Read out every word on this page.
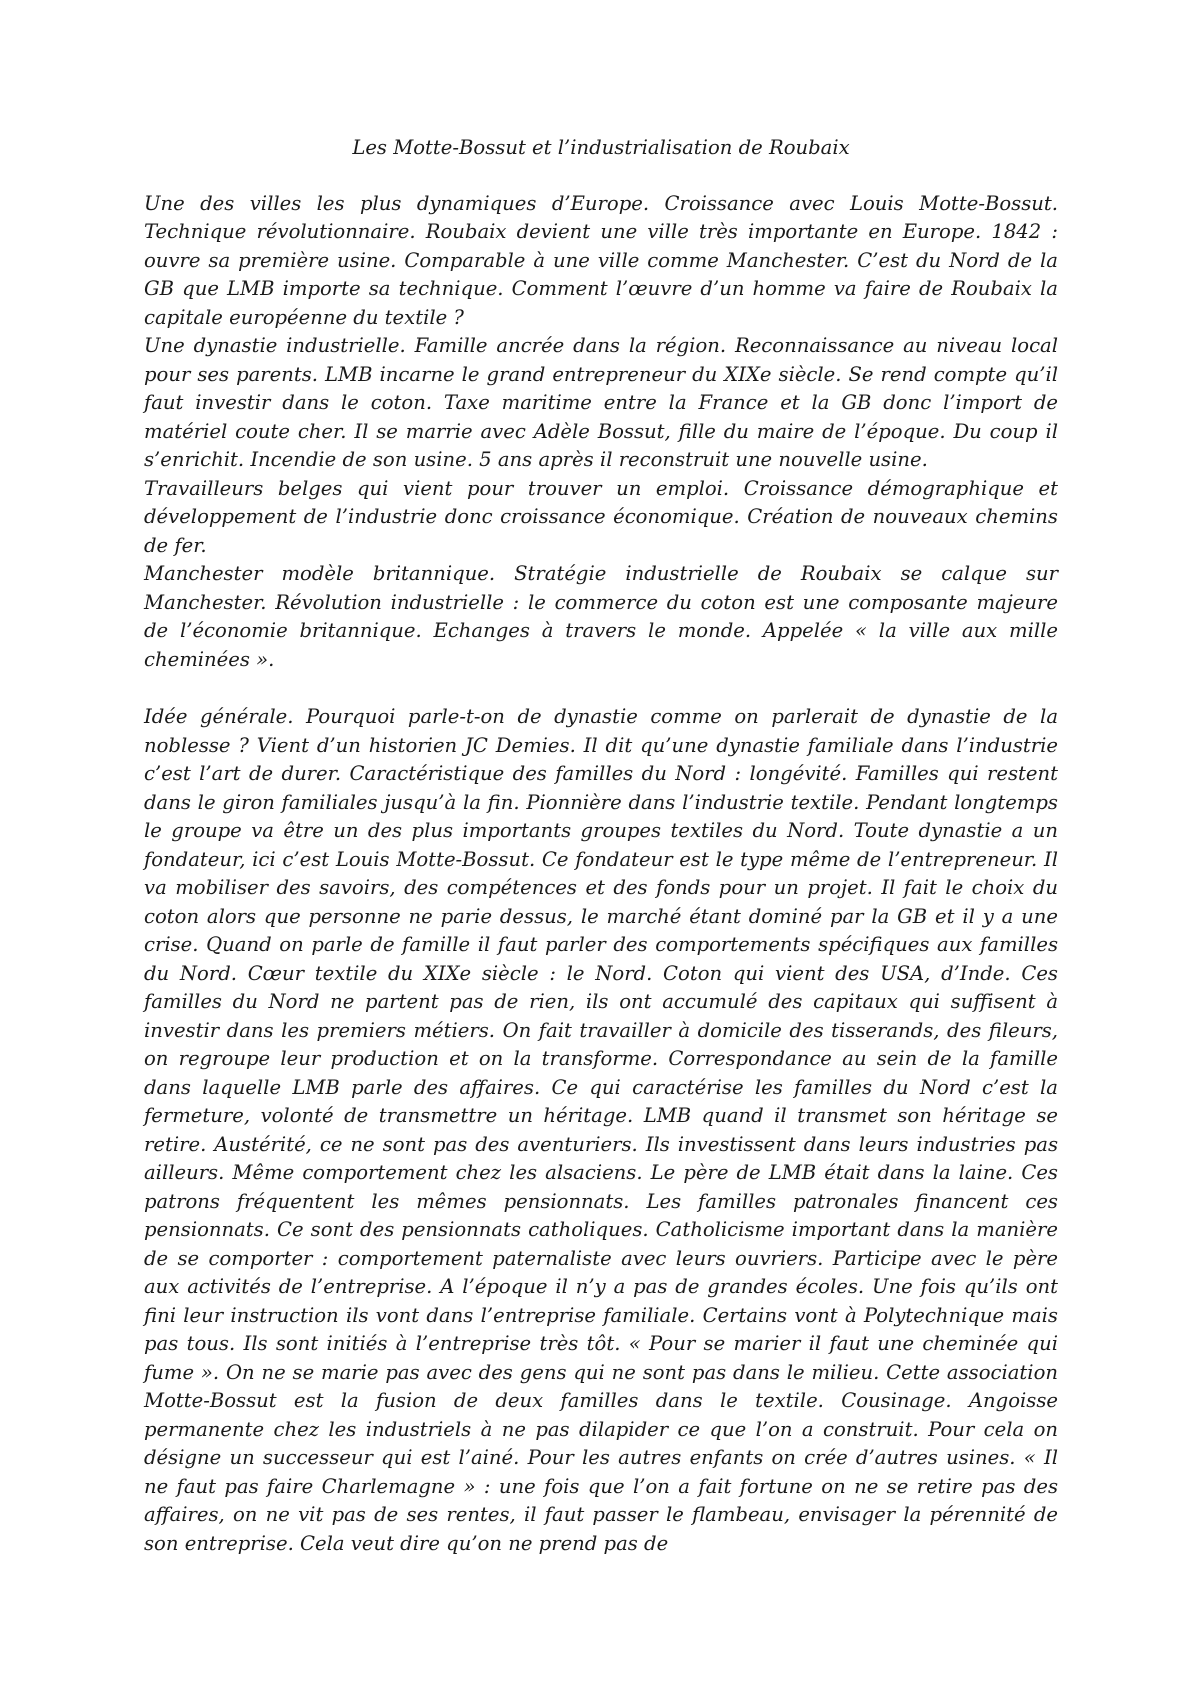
Les Motte-Bossut et l’industrialisation de Roubaix

Une des villes les plus dynamiques d’Europe. Croissance avec Louis Motte-Bossut. Technique révolutionnaire. Roubaix devient une ville très importante en Europe. 1842 : ouvre sa première usine. Comparable à une ville comme Manchester. C’est du Nord de la GB que LMB importe sa technique. Comment l’œuvre d’un homme va faire de Roubaix la capitale européenne du textile ?

Une dynastie industrielle. Famille ancrée dans la région. Reconnaissance au niveau local pour ses parents. LMB incarne le grand entrepreneur du XIXe siècle. Se rend compte qu’il faut investir dans le coton. Taxe maritime entre la France et la GB donc l’import de matériel coute cher. Il se marrie avec Adèle Bossut, fille du maire de l’époque. Du coup il s’enrichit. Incendie de son usine. 5 ans après il reconstruit une nouvelle usine.

Travailleurs belges qui vient pour trouver un emploi. Croissance démographique et développement de l’industrie donc croissance économique. Création de nouveaux chemins de fer.

Manchester modèle britannique. Stratégie industrielle de Roubaix se calque sur Manchester. Révolution industrielle : le commerce du coton est une composante majeure de l’économie britannique. Echanges à travers le monde. Appelée « la ville aux mille cheminées ».

Idée générale. Pourquoi parle-t-on de dynastie comme on parlerait de dynastie de la noblesse ? Vient d’un historien JC Demies. Il dit qu’une dynastie familiale dans l’industrie c’est l’art de durer. Caractéristique des familles du Nord : longévité. Familles qui restent dans le giron familiales jusqu’à la fin. Pionnière dans l’industrie textile. Pendant longtemps le groupe va être un des plus importants groupes textiles du Nord. Toute dynastie a un fondateur, ici c’est Louis Motte-Bossut. Ce fondateur est le type même de l’entrepreneur. Il va mobiliser des savoirs, des compétences et des fonds pour un projet. Il fait le choix du coton alors que personne ne parie dessus, le marché étant dominé par la GB et il y a une crise. Quand on parle de famille il faut parler des comportements spécifiques aux familles du Nord. Cœur textile du XIXe siècle : le Nord. Coton qui vient des USA, d’Inde. Ces familles du Nord ne partent pas de rien, ils ont accumulé des capitaux qui suffisent à investir dans les premiers métiers. On fait travailler à domicile des tisserands, des fileurs, on regroupe leur production et on la transforme. Correspondance au sein de la famille dans laquelle LMB parle des affaires. Ce qui caractérise les familles du Nord c’est la fermeture, volonté de transmettre un héritage. LMB quand il transmet son héritage se retire. Austérité, ce ne sont pas des aventuriers. Ils investissent dans leurs industries pas ailleurs. Même comportement chez les alsaciens. Le père de LMB était dans la laine. Ces patrons fréquentent les mêmes pensionnats. Les familles patronales financent ces pensionnats. Ce sont des pensionnats catholiques. Catholicisme important dans la manière de se comporter : comportement paternaliste avec leurs ouvriers. Participe avec le père aux activités de l’entreprise. A l’époque il n’y a pas de grandes écoles. Une fois qu’ils ont fini leur instruction ils vont dans l’entreprise familiale. Certains vont à Polytechnique mais pas tous. Ils sont initiés à l’entreprise très tôt. « Pour se marier il faut une cheminée qui fume ». On ne se marie pas avec des gens qui ne sont pas dans le milieu. Cette association Motte-Bossut est la fusion de deux familles dans le textile. Cousinage. Angoisse permanente chez les industriels à ne pas dilapider ce que l’on a construit. Pour cela on désigne un successeur qui est l’ainé. Pour les autres enfants on crée d’autres usines. « Il ne faut pas faire Charlemagne » : une fois que l’on a fait fortune on ne se retire pas des affaires, on ne vit pas de ses rentes, il faut passer le flambeau, envisager la pérennité de son entreprise. Cela veut dire qu’on ne prend pas de
